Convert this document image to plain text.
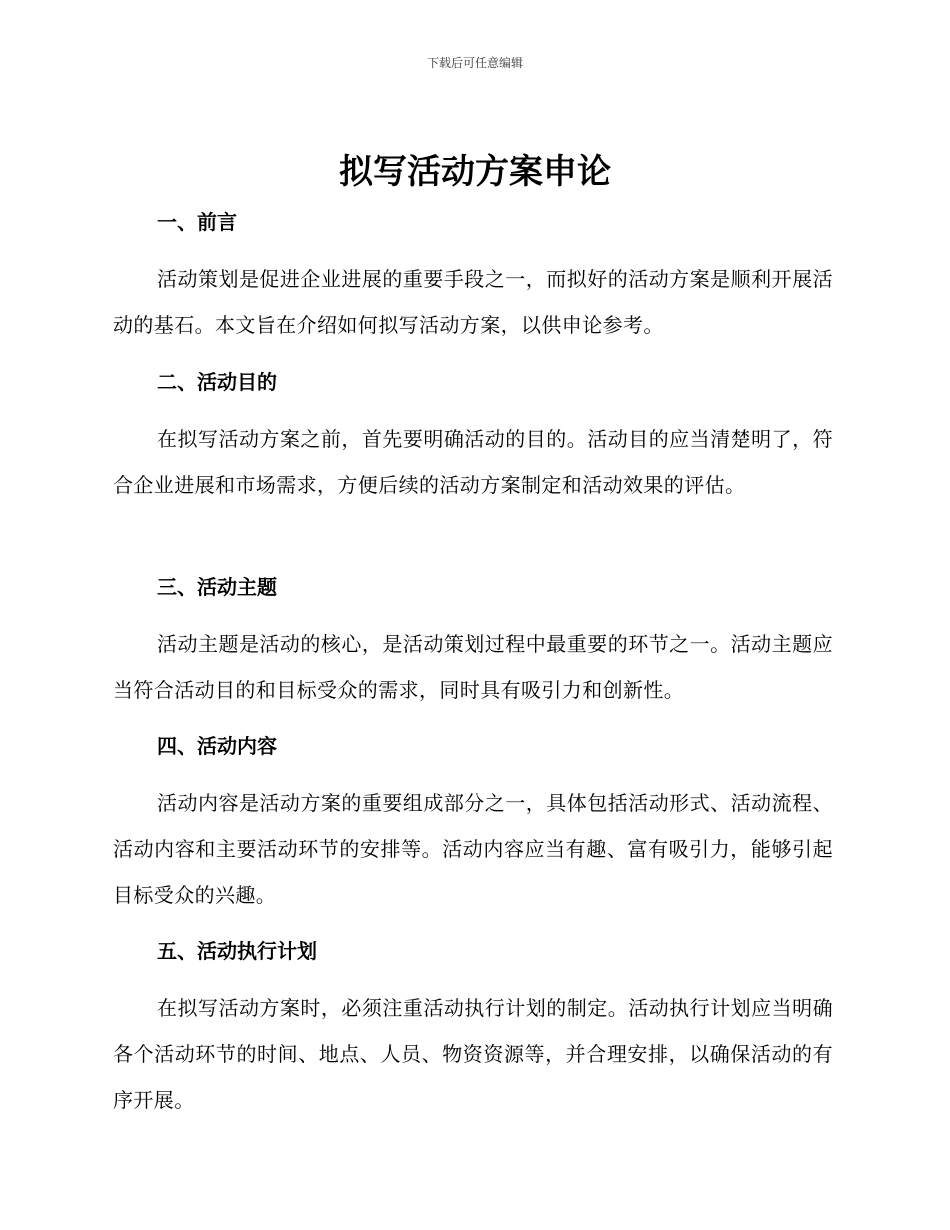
下载后可任意编辑
拟写活动方案申论
一、前言

活动策划是促进企业进展的重要手段之一，而拟好的活动方案是顺利开展活动的基石。本文旨在介绍如何拟写活动方案，以供申论参考。

二、活动目的

在拟写活动方案之前，首先要明确活动的目的。活动目的应当清楚明了，符合企业进展和市场需求，方便后续的活动方案制定和活动效果的评估。

三、活动主题

活动主题是活动的核心，是活动策划过程中最重要的环节之一。活动主题应当符合活动目的和目标受众的需求，同时具有吸引力和创新性。

四、活动内容

活动内容是活动方案的重要组成部分之一，具体包括活动形式、活动流程、活动内容和主要活动环节的安排等。活动内容应当有趣、富有吸引力，能够引起目标受众的兴趣。

五、活动执行计划

在拟写活动方案时，必须注重活动执行计划的制定。活动执行计划应当明确各个活动环节的时间、地点、人员、物资资源等，并合理安排，以确保活动的有序开展。
